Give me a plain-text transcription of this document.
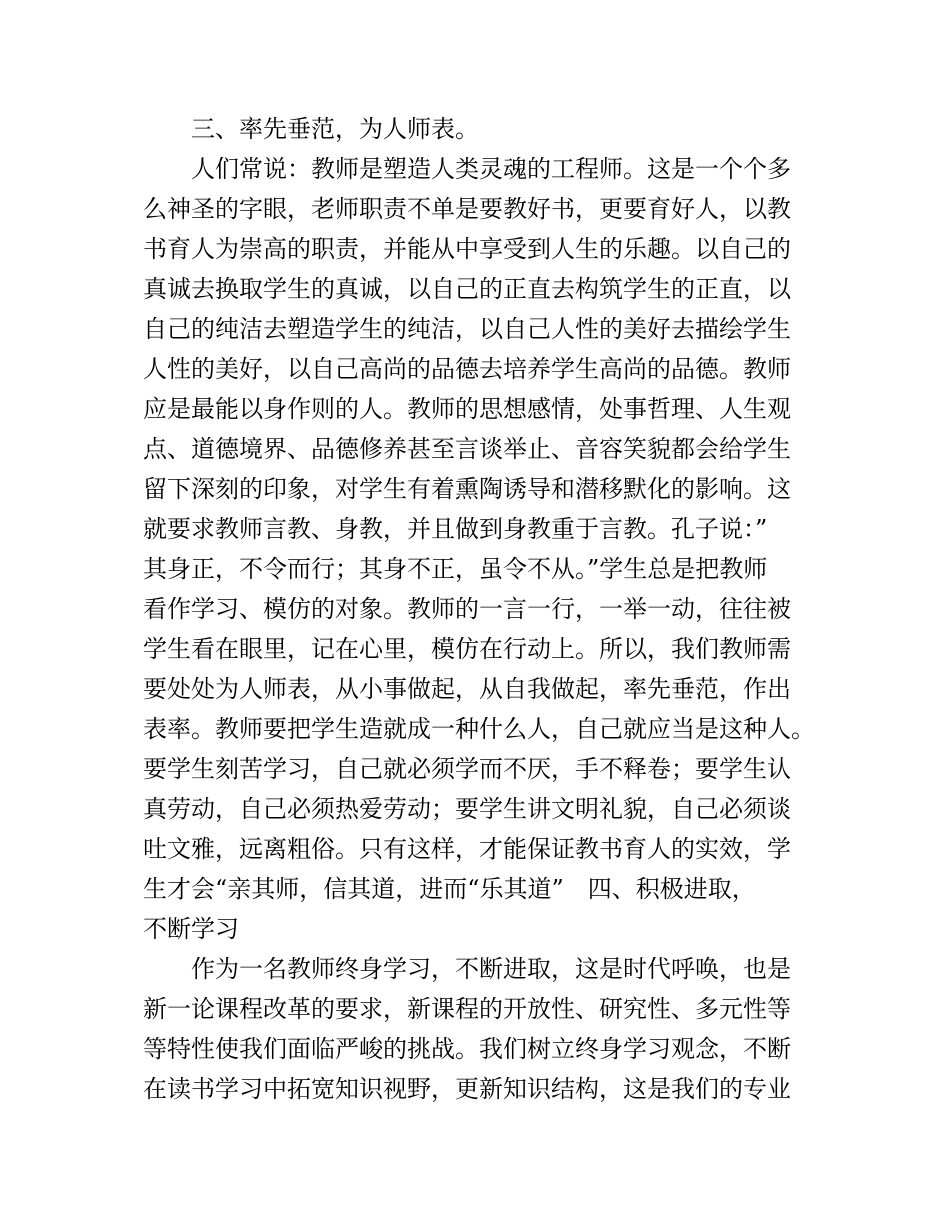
三、率先垂范，为人师表。
人们常说：教师是塑造人类灵魂的工程师。这是一个个多
么神圣的字眼，老师职责不单是要教好书，更要育好人，以教
书育人为崇高的职责，并能从中享受到人生的乐趣。以自己的
真诚去换取学生的真诚，以自己的正直去构筑学生的正直，以
自己的纯洁去塑造学生的纯洁，以自己人性的美好去描绘学生
人性的美好，以自己高尚的品德去培养学生高尚的品德。教师
应是最能以身作则的人。教师的思想感情，处事哲理、人生观
点、道德境界、品德修养甚至言谈举止、音容笑貌都会给学生
留下深刻的印象，对学生有着熏陶诱导和潜移默化的影响。这
就要求教师言教、身教，并且做到身教重于言教。孔子说：”
其身正，不令而行；其身不正，虽令不从。”学生总是把教师
看作学习、模仿的对象。教师的一言一行，一举一动，往往被
学生看在眼里，记在心里，模仿在行动上。所以，我们教师需
要处处为人师表，从小事做起，从自我做起，率先垂范，作出
表率。教师要把学生造就成一种什么人，自己就应当是这种人。
要学生刻苦学习，自己就必须学而不厌，手不释卷；要学生认
真劳动，自己必须热爱劳动；要学生讲文明礼貌，自己必须谈
吐文雅，远离粗俗。只有这样，才能保证教书育人的实效，学
生才会“亲其师，信其道，进而“乐其道”　四、积极进取，
不断学习
作为一名教师终身学习，不断进取，这是时代呼唤，也是
新一论课程改革的要求，新课程的开放性、研究性、多元性等
等特性使我们面临严峻的挑战。我们树立终身学习观念，不断
在读书学习中拓宽知识视野，更新知识结构，这是我们的专业
